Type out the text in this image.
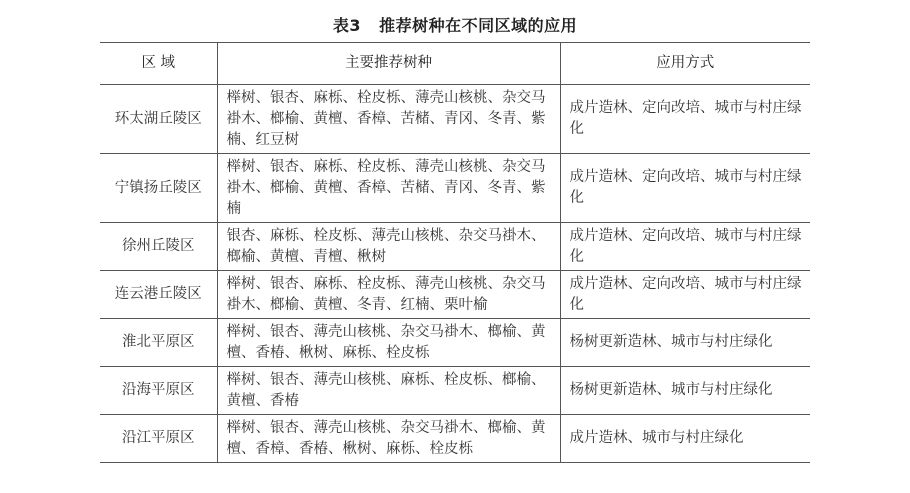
表3 推荐树种在不同区域的应用
区 域	主要推荐树种	应用方式
环太湖丘陵区	榉树、银杏、麻栎、栓皮栎、薄壳山核桃、杂交马褂木、榔榆、黄檀、香樟、苦槠、青冈、冬青、紫楠、红豆树	成片造林、定向改培、城市与村庄绿化
宁镇扬丘陵区	榉树、银杏、麻栎、栓皮栎、薄壳山核桃、杂交马褂木、榔榆、黄檀、香樟、苦槠、青冈、冬青、紫楠	成片造林、定向改培、城市与村庄绿化
徐州丘陵区	银杏、麻栎、栓皮栎、薄壳山核桃、杂交马褂木、榔榆、黄檀、青檀、楸树	成片造林、定向改培、城市与村庄绿化
连云港丘陵区	榉树、银杏、麻栎、栓皮栎、薄壳山核桃、杂交马褂木、榔榆、黄檀、冬青、红楠、栗叶榆	成片造林、定向改培、城市与村庄绿化
淮北平原区	榉树、银杏、薄壳山核桃、杂交马褂木、榔榆、黄檀、香椿、楸树、麻栎、栓皮栎	杨树更新造林、城市与村庄绿化
沿海平原区	榉树、银杏、薄壳山核桃、麻栎、栓皮栎、榔榆、黄檀、香椿	杨树更新造林、城市与村庄绿化
沿江平原区	榉树、银杏、薄壳山核桃、杂交马褂木、榔榆、黄檀、香樟、香椿、楸树、麻栎、栓皮栎	成片造林、城市与村庄绿化
